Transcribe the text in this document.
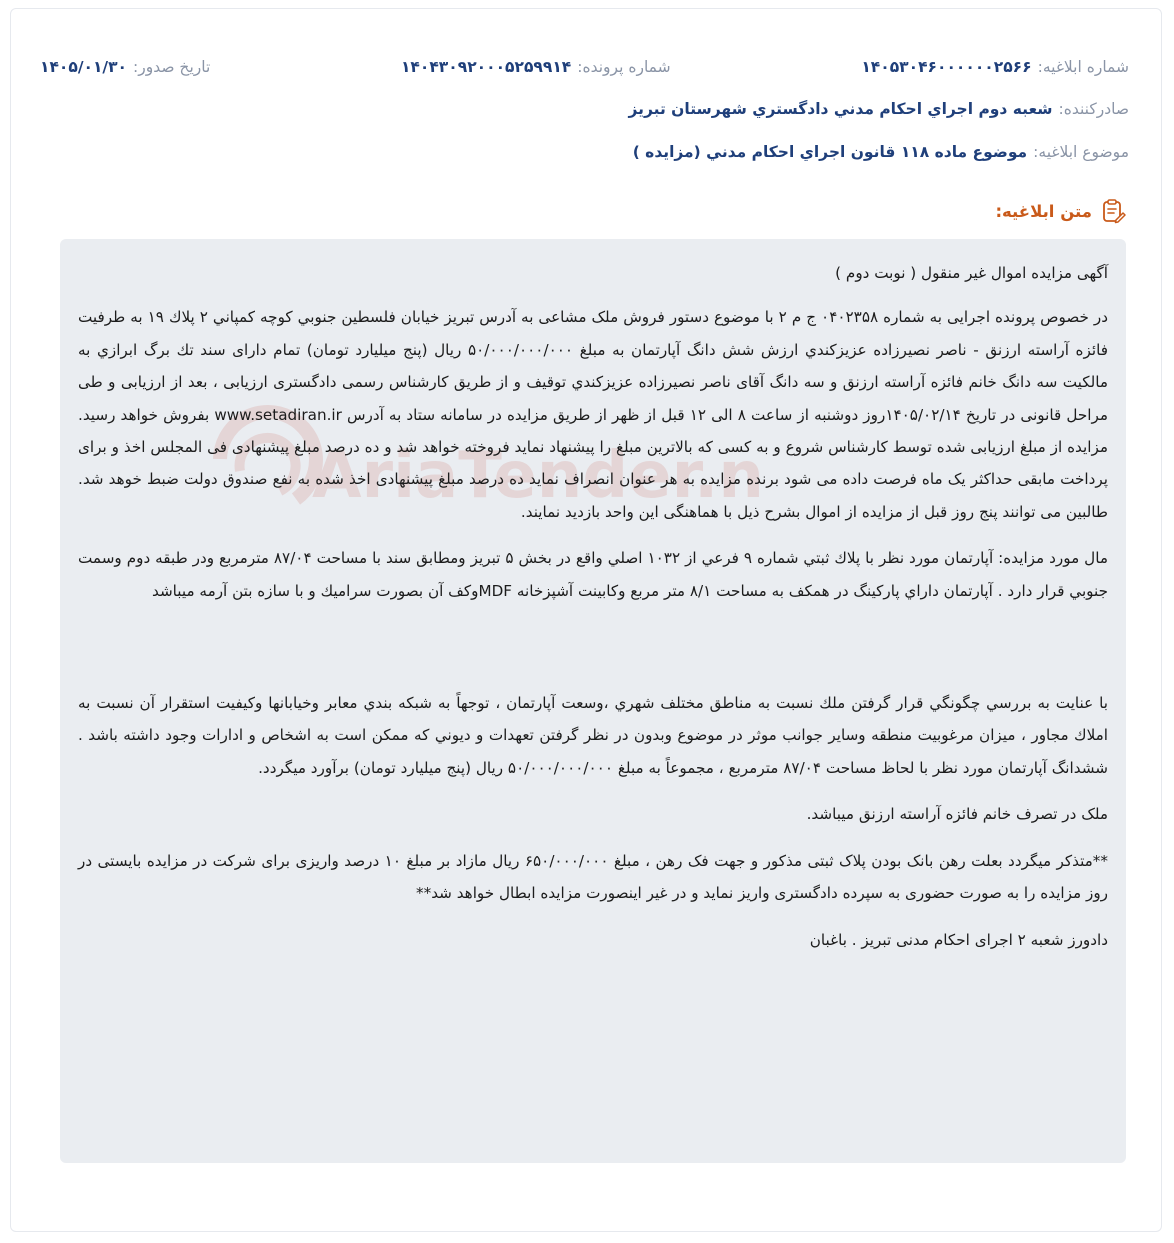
شماره ابلاغیه:
۱۴۰۵۳۰۴۶۰۰۰۰۰۰۲۵۶۶
شماره پرونده:
۱۴۰۴۳۰۹۲۰۰۰۵۲۵۹۹۱۴
تاریخ صدور:
۱۴۰۵/۰۱/۳۰
صادرکننده:
شعبه دوم اجراي احكام مدني دادگستري شهرستان تبريز
موضوع ابلاغیه:
موضوع ماده ۱۱۸ قانون اجراي احكام مدني (مزايده )
متن ابلاغیه:
AriaTender.n

آگهی مزایده اموال غیر منقول ( نوبت دوم )

در خصوص پرونده اجرایی به شماره ۰۴۰۲۳۵۸ ج م ۲ با موضوع دستور فروش ملک مشاعی به آدرس تبريز خيابان فلسطين جنوبي كوچه كمپاني ۲ پلاك ۱۹ به طرفیت فائزه آراسته ارزنق - ناصر نصيرزاده عزيزكندي ارزش شش دانگ آپارتمان به مبلغ ۵۰/۰۰۰/۰۰۰/۰۰۰ ریال (پنج میلیارد تومان) تمام دارای سند تك برگ ابرازي به مالكيت سه دانگ خانم فائزه آراسته ارزنق و سه دانگ آقای ناصر نصيرزاده عزيزكندي توقيف و از طريق کارشناس رسمی دادگستری ارزیابی ، بعد از ارزیابی و طی مراحل قانونی در تاریخ ۱۴۰۵/۰۲/۱۴روز دوشنبه از ساعت ۸ الی ۱۲ قبل از ظهر از طریق مزایده در سامانه ستاد به آدرس www.setadiran.ir بفروش خواهد رسید. مزایده از مبلغ ارزیابی شده توسط کارشناس شروع و به کسی که بالاترین مبلغ را پیشنهاد نماید فروخته خواهد شد و ده درصد مبلغ پیشنهادی فی المجلس اخذ و برای پرداخت مابقی حداکثر یک ماه فرصت داده می شود برنده مزایده به هر عنوان انصراف نماید ده درصد مبلغ پیشنهادی اخذ شده به نفع صندوق دولت ضبط خوهد شد. طالبین می توانند پنج روز قبل از مزایده از اموال بشرح ذیل با هماهنگی این واحد بازدید نمایند.

مال مورد مزایده: آپارتمان مورد نظر با پلاك ثبتي شماره ۹ فرعي از ۱۰۳۲ اصلي واقع در بخش ۵ تبريز ومطابق سند با مساحت ۸۷/۰۴ مترمربع ودر طبقه دوم وسمت جنوبي قرار دارد . آپارتمان داراي پاركينگ در همكف به مساحت ۸/۱ متر مربع وكابينت آشپزخانه MDFوكف آن بصورت سراميك و با سازه بتن آرمه ميباشد

با عنايت به بررسي چگونگي قرار گرفتن ملك نسبت به مناطق مختلف شهري ،وسعت آپارتمان ، توجهاً به شبكه بندي معابر وخيابانها وكيفيت استقرار آن نسبت به املاك مجاور ، ميزان مرغوبيت منطقه وساير جوانب موثر در موضوع وبدون در نظر گرفتن تعهدات و ديوني كه ممكن است به اشخاص و ادارات وجود داشته باشد . ششدانگ آپارتمان مورد نظر با لحاظ مساحت ۸۷/۰۴ مترمربع ، مجموعاً به مبلغ ۵۰/۰۰۰/۰۰۰/۰۰۰ ريال (پنج ميليارد تومان) برآورد ميگردد.

ملک در تصرف خانم فائزه آراسته ارزنق میباشد.

**متذکر میگردد بعلت رهن بانک بودن پلاک ثبتی مذکور و جهت فک رهن ، مبلغ ۶۵۰/۰۰۰/۰۰۰ ریال مازاد بر مبلغ ۱۰ درصد واریزی برای شرکت در مزایده بایستی در روز مزایده را به صورت حضوری به سپرده دادگستری واریز نماید و در غیر اینصورت مزایده ابطال خواهد شد**

دادورز شعبه ۲ اجرای احکام مدنی تبریز . باغبان
